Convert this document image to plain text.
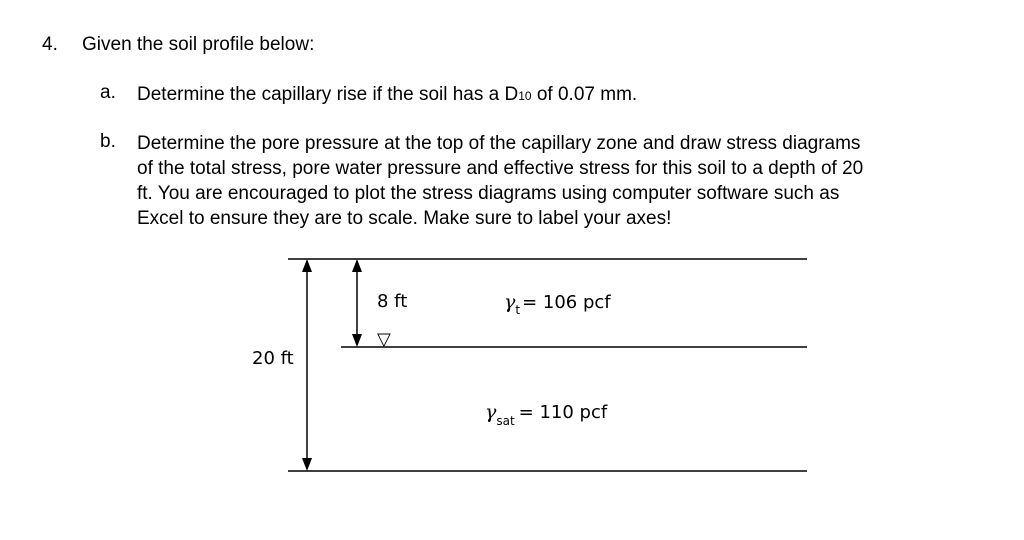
4. Given the soil profile below:
a. Determine the capillary rise if the soil has a D10 of 0.07 mm.
b. Determine the pore pressure at the top of the capillary zone and draw stress diagrams
of the total stress, pore water pressure and effective stress for this soil to a depth of 20
ft. You are encouraged to plot the stress diagrams using computer software such as
Excel to ensure they are to scale. Make sure to label your axes!
20 ft
8 ft
▽
$\gamma_t = 106$ pcf
$\gamma_{sat} = 110$ pcf
